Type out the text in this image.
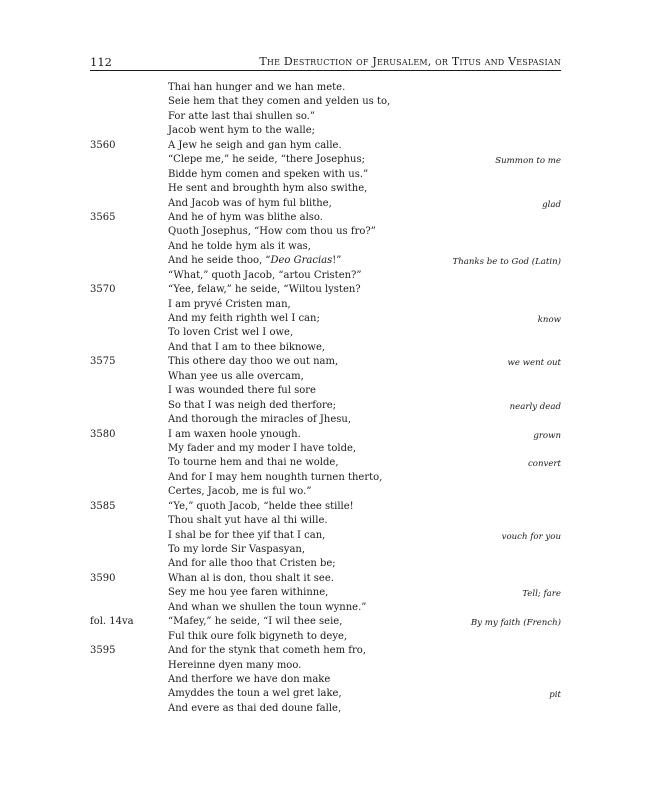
112	The Destruction of Jerusalem, or Titus and Vespasian
Thai han hunger and we han mete.
Seie hem that they comen and yelden us to,
For atte last thai shullen so.”
Jacob went hym to the walle;
3560	A Jew he seigh and gan hym calle.
“Clepe me,” he seide, “there Josephus;	Summon to me
Bidde hym comen and speken with us.”
He sent and broughth hym also swithe,
And Jacob was of hym ful blithe,	glad
3565	And he of hym was blithe also.
Quoth Josephus, “How com thou us fro?”
And he tolde hym als it was,
And he seide thoo, “Deo Gracias!”	Thanks be to God (Latin)
“What,” quoth Jacob, “artou Cristen?”
3570	“Yee, felaw,” he seide, “Wiltou lysten?
I am pryvé Cristen man,
And my feith righth wel I can;	know
To loven Crist wel I owe,
And that I am to thee biknowe,
3575	This othere day thoo we out nam,	we went out
Whan yee us alle overcam,
I was wounded there ful sore
So that I was neigh ded therfore;	nearly dead
And thorough the miracles of Jhesu,
3580	I am waxen hoole ynough.	grown
My fader and my moder I have tolde,
To tourne hem and thai ne wolde,	convert
And for I may hem noughth turnen therto,
Certes, Jacob, me is ful wo.”
3585	“Ye,” quoth Jacob, “helde thee stille!
Thou shalt yut have al thi wille.
I shal be for thee yif that I can,	vouch for you
To my lorde Sir Vaspasyan,
And for alle thoo that Cristen be;
3590	Whan al is don, thou shalt it see.
Sey me hou yee faren withinne,	Tell; fare
And whan we shullen the toun wynne.”
fol. 14va	“Mafey,” he seide, “I wil thee seie,	By my faith (French)
Ful thik oure folk bigyneth to deye,
3595	And for the stynk that cometh hem fro,
Hereinne dyen many moo.
And therfore we have don make
Amyddes the toun a wel gret lake,	pit
And evere as thai ded doune falle,
